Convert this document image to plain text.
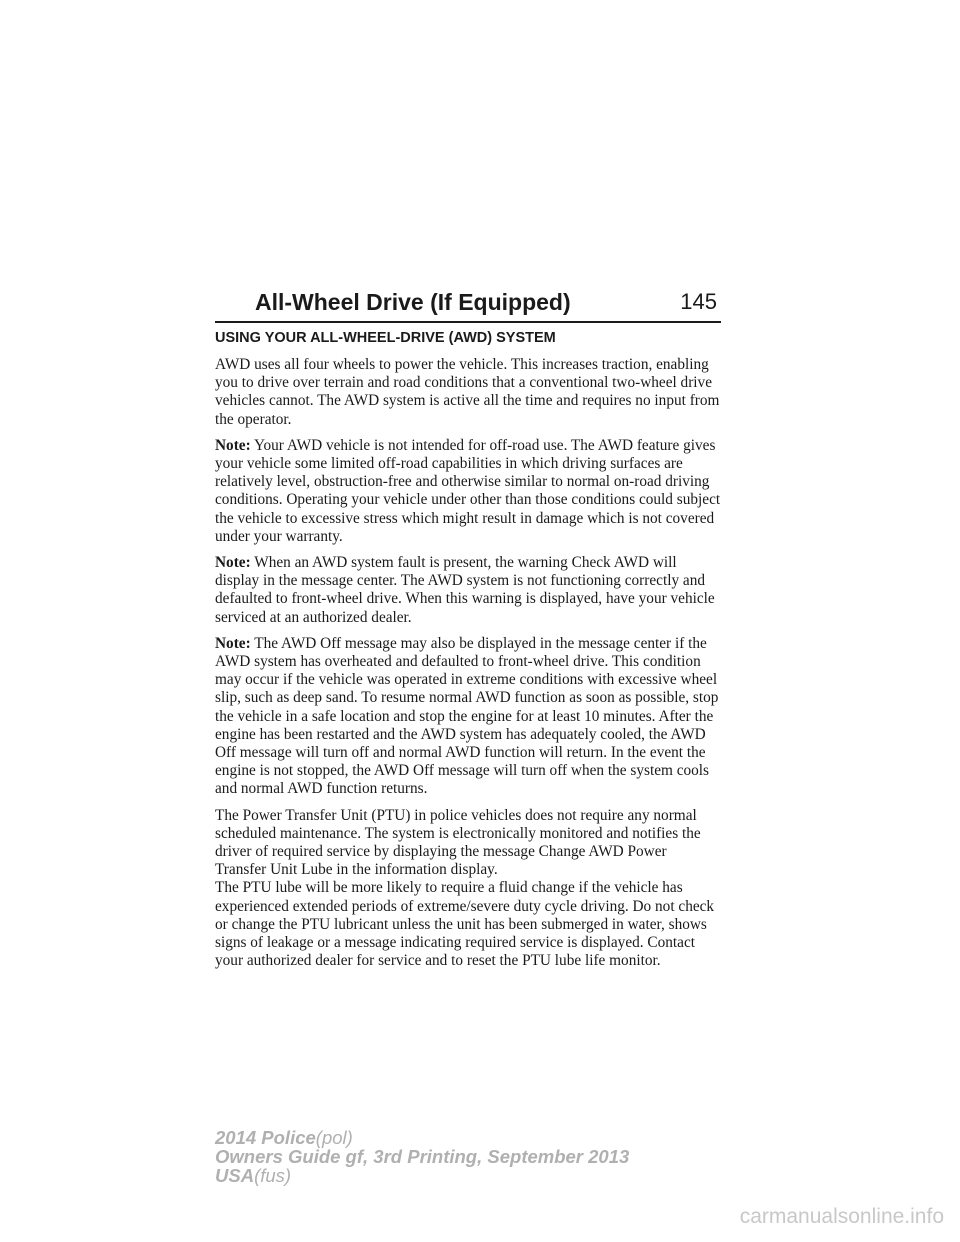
All-Wheel Drive (If Equipped)	145
USING YOUR ALL-WHEEL-DRIVE (AWD) SYSTEM

AWD uses all four wheels to power the vehicle. This increases traction, enabling you to drive over terrain and road conditions that a conventional two-wheel drive vehicles cannot. The AWD system is active all the time and requires no input from the operator.

Note: Your AWD vehicle is not intended for off-road use. The AWD feature gives your vehicle some limited off-road capabilities in which driving surfaces are relatively level, obstruction-free and otherwise similar to normal on-road driving conditions. Operating your vehicle under other than those conditions could subject the vehicle to excessive stress which might result in damage which is not covered under your warranty.

Note: When an AWD system fault is present, the warning Check AWD will display in the message center. The AWD system is not functioning correctly and defaulted to front-wheel drive. When this warning is displayed, have your vehicle serviced at an authorized dealer.

Note: The AWD Off message may also be displayed in the message center if the AWD system has overheated and defaulted to front-wheel drive. This condition may occur if the vehicle was operated in extreme conditions with excessive wheel slip, such as deep sand. To resume normal AWD function as soon as possible, stop the vehicle in a safe location and stop the engine for at least 10 minutes. After the engine has been restarted and the AWD system has adequately cooled, the AWD Off message will turn off and normal AWD function will return. In the event the engine is not stopped, the AWD Off message will turn off when the system cools and normal AWD function returns.

The Power Transfer Unit (PTU) in police vehicles does not require any normal scheduled maintenance. The system is electronically monitored and notifies the driver of required service by displaying the message Change AWD Power Transfer Unit Lube in the information display.

The PTU lube will be more likely to require a fluid change if the vehicle has experienced extended periods of extreme/severe duty cycle driving. Do not check or change the PTU lubricant unless the unit has been submerged in water, shows signs of leakage or a message indicating required service is displayed. Contact your authorized dealer for service and to reset the PTU lube life monitor.

2014 Police(pol)
Owners Guide gf, 3rd Printing, September 2013
USA(fus)
carmanualsonline.info
